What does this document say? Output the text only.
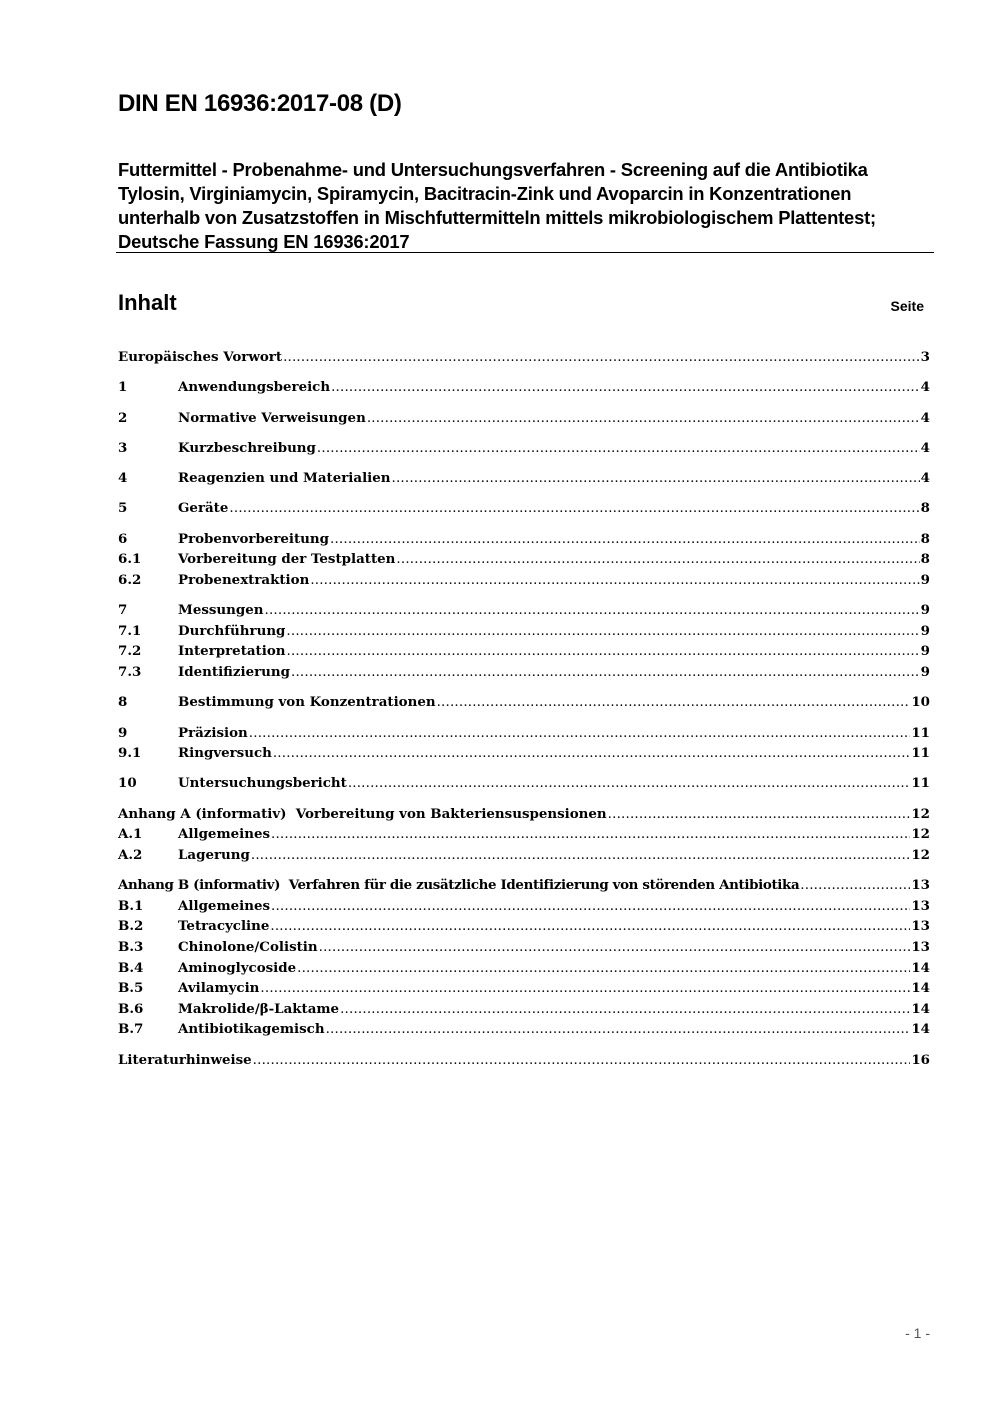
DIN EN 16936:2017-08 (D)

Futtermittel - Probenahme- und Untersuchungsverfahren - Screening auf die Antibiotika Tylosin, Virginiamycin, Spiramycin, Bacitracin-Zink und Avoparcin in Konzentrationen unterhalb von Zusatzstoffen in Mischfuttermitteln mittels mikrobiologischem Plattentest; Deutsche Fassung EN 16936:2017

Inhalt	Seite
Europäisches Vorwort .....	3
1	Anwendungsbereich .....	4
2	Normative Verweisungen .....	4
3	Kurzbeschreibung .....	4
4	Reagenzien und Materialien .....	4
5	Geräte .....	8
6	Probenvorbereitung .....	8
6.1	Vorbereitung der Testplatten .....	8
6.2	Probenextraktion .....	9
7	Messungen .....	9
7.1	Durchführung .....	9
7.2	Interpretation .....	9
7.3	Identifizierung .....	9
8	Bestimmung von Konzentrationen .....	10
9	Präzision .....	11
9.1	Ringversuch .....	11
10	Untersuchungsbericht .....	11
Anhang A (informativ)  Vorbereitung von Bakteriensuspensionen .....	12
A.1	Allgemeines .....	12
A.2	Lagerung .....	12
Anhang B (informativ)  Verfahren für die zusätzliche Identifizierung von störenden Antibiotika .....	13
B.1	Allgemeines .....	13
B.2	Tetracycline .....	13
B.3	Chinolone/Colistin .....	13
B.4	Aminoglycoside .....	14
B.5	Avilamycin .....	14
B.6	Makrolide/β-Laktame .....	14
B.7	Antibiotikagemisch .....	14
Literaturhinweise .....	16
- 1 -
